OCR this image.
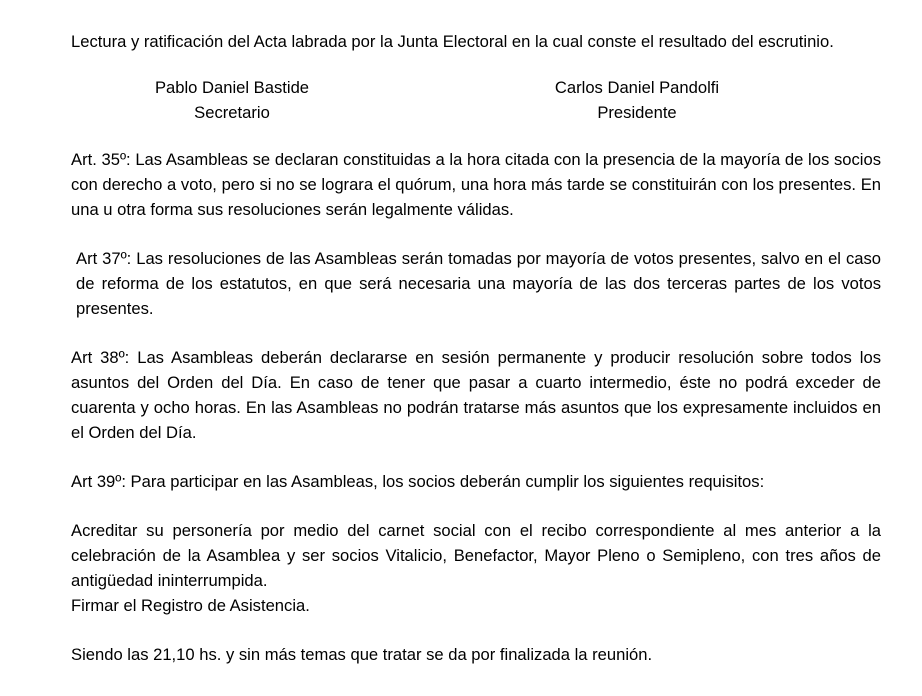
Lectura y ratificación del Acta labrada por la Junta Electoral en la cual conste el resultado del escrutinio.

Pablo Daniel Bastide
Secretario
Carlos Daniel Pandolfi
Presidente

Art. 35º: Las Asambleas se declaran constituidas a la hora citada con la presencia de la mayoría de los socios con derecho a voto, pero si no se lograra el quórum, una hora más tarde se constituirán con los presentes. En una u otra forma sus resoluciones serán legalmente válidas.

Art 37º: Las resoluciones de las Asambleas serán tomadas por mayoría de votos presentes, salvo en el caso de reforma de los estatutos, en que será necesaria una mayoría de las dos terceras partes de los votos presentes.

Art 38º: Las Asambleas deberán declararse en sesión permanente y producir resolución sobre todos los asuntos del Orden del Día. En caso de tener que pasar a cuarto intermedio, éste no podrá exceder de cuarenta y ocho horas. En las Asambleas no podrán tratarse más asuntos que los expresamente incluidos en el Orden del Día.

Art 39º: Para participar en las Asambleas, los socios deberán cumplir los siguientes requisitos:

Acreditar su personería por medio del carnet social con el recibo correspondiente al mes anterior a la celebración de la Asamblea y ser socios Vitalicio, Benefactor, Mayor Pleno o Semipleno, con tres años de antigüedad ininterrumpida.

Firmar el Registro de Asistencia.

Siendo las 21,10 hs. y sin más temas que tratar se da por finalizada la reunión.
